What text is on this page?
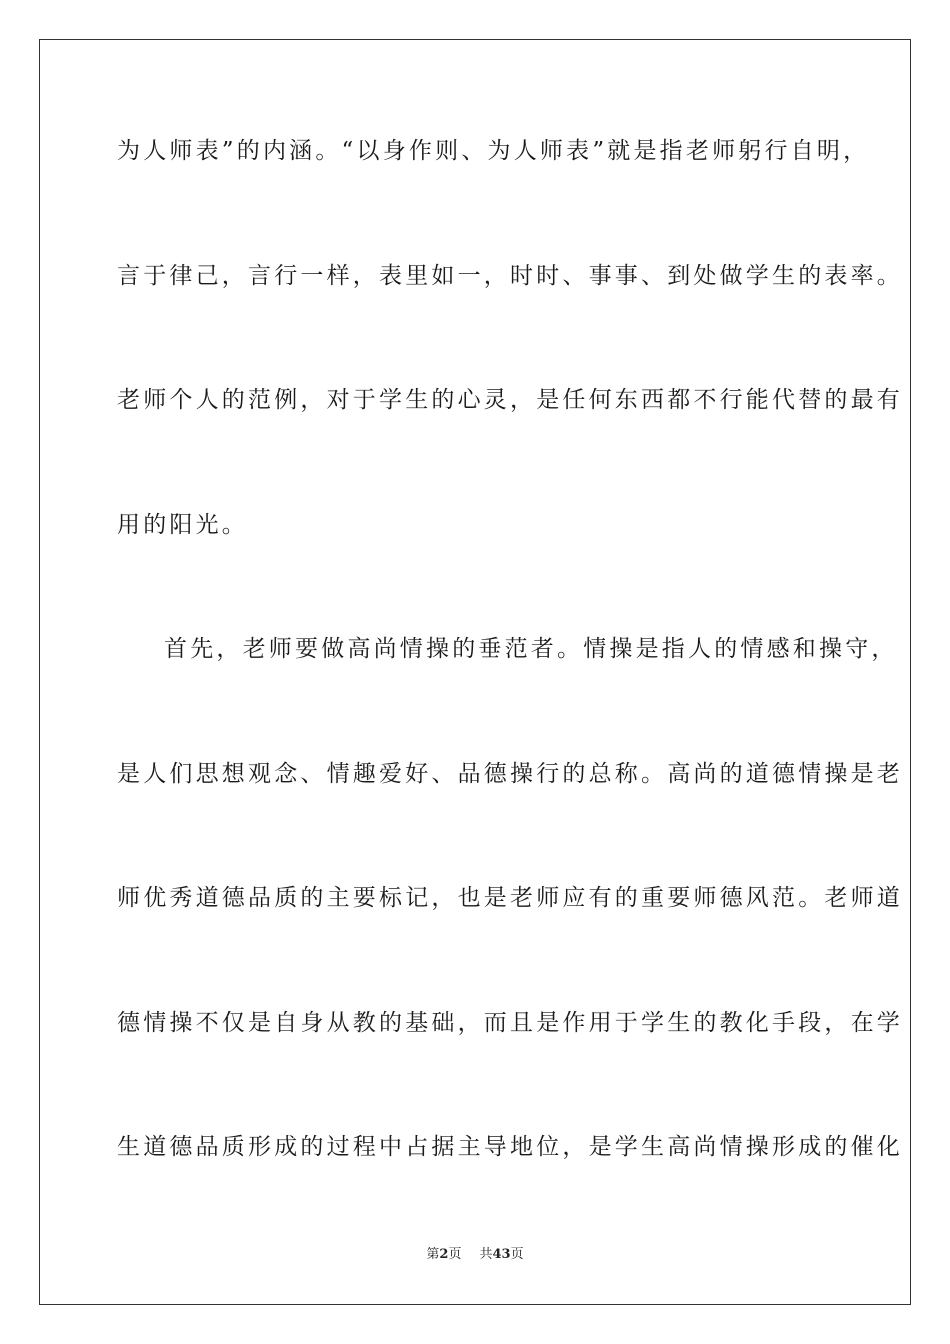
为人师表”的内涵。“以身作则、为人师表”就是指老师躬行自明，
言于律己，言行一样，表里如一，时时、事事、到处做学生的表率。
老师个人的范例，对于学生的心灵，是任何东西都不行能代替的最有
用的阳光。
首先，老师要做高尚情操的垂范者。情操是指人的情感和操守，
是人们思想观念、情趣爱好、品德操行的总称。高尚的道德情操是老
师优秀道德品质的主要标记，也是老师应有的重要师德风范。老师道
德情操不仅是自身从教的基础，而且是作用于学生的教化手段，在学
生道德品质形成的过程中占据主导地位，是学生高尚情操形成的催化
第2页 共43页
